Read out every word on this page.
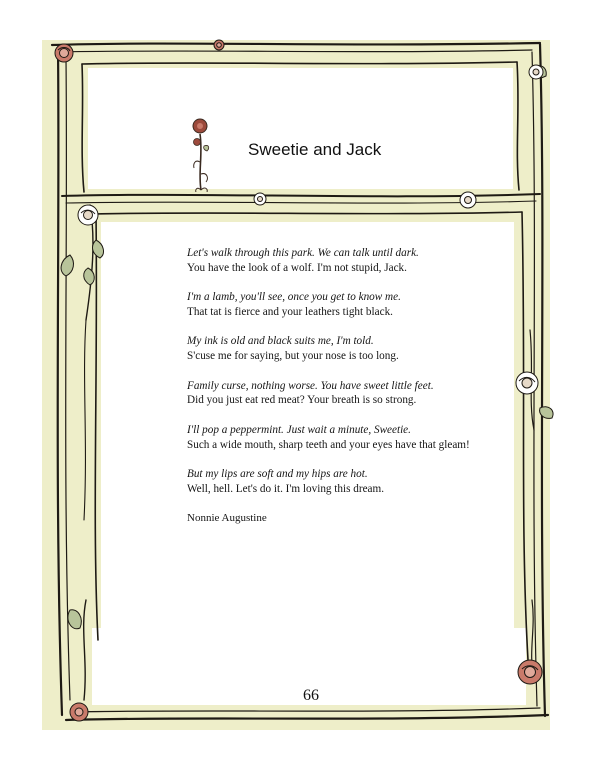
Sweetie and Jack
Let's walk through this park. We can talk until dark.
You have the look of a wolf. I'm not stupid, Jack.
I'm a lamb, you'll see, once you get to know me.
That tat is fierce and your leathers tight black.
My ink is old and black suits me, I'm told.
S'cuse me for saying, but your nose is too long.
Family curse, nothing worse. You have sweet little feet.
Did you just eat red meat? Your breath is so strong.
I'll pop a peppermint. Just wait a minute, Sweetie.
Such a wide mouth, sharp teeth and your eyes have that gleam!
But my lips are soft and my hips are hot.
Well, hell. Let's do it. I'm loving this dream.
Nonnie Augustine
66
